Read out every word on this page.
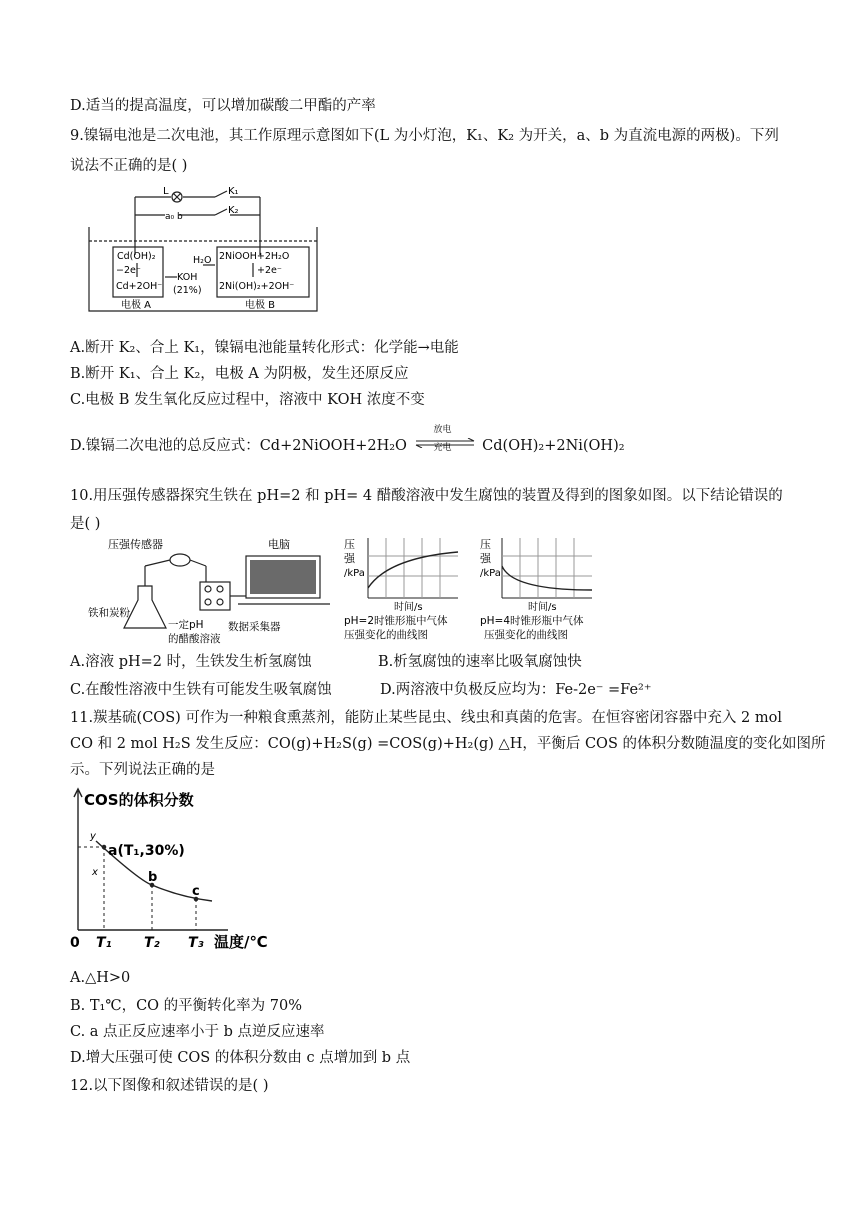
D.适当的提高温度，可以增加碳酸二甲酯的产率
9.镍镉电池是二次电池，其工作原理示意图如下(L 为小灯泡，K₁、K₂ 为开关，a、b 为直流电源的两极)。下列
说法不正确的是( )
L	K₁
K₂
a₀ b
Cd(OH)₂
−2e⁻
Cd+2OH⁻
KOH
(21%)
H₂O 2NiOOH+2H₂O
+2e⁻
2Ni(OH)₂+2OH⁻
电极 A	电极 B
A.断开 K₂、合上 K₁，镍镉电池能量转化形式：化学能→电能
B.断开 K₁、合上 K₂，电极 A 为阴极，发生还原反应
C.电极 B 发生氧化反应过程中，溶液中 KOH 浓度不变
D.镍镉二次电池的总反应式：Cd+2NiOOH+2H₂O
放电
充电 Cd(OH)₂+2Ni(OH)₂
10.用压强传感器探究生铁在 pH=2 和 pH= 4 醋酸溶液中发生腐蚀的装置及得到的图象如图。以下结论错误的
是( )
压强传感器	电脑
铁和炭粉
一定pH
的醋酸溶液
数据采集器
压
强
/kPa
时间/s
pH=2时锥形瓶中气体
压强变化的曲线图
压
强
/kPa
时间/s
pH=4时锥形瓶中气体
压强变化的曲线图
A.溶液 pH=2 时，生铁发生析氢腐蚀	B.析氢腐蚀的速率比吸氧腐蚀快
C.在酸性溶液中生铁有可能发生吸氧腐蚀	D.两溶液中负极反应均为：Fe-2e⁻ =Fe²⁺
11.羰基硫(COS) 可作为一种粮食熏蒸剂，能防止某些昆虫、线虫和真菌的危害。在恒容密闭容器中充入 2 mol
CO 和 2 mol H₂S 发生反应：CO(g)+H₂S(g) =COS(g)+H₂(g) △H，平衡后 COS 的体积分数随温度的变化如图所
示。下列说法正确的是
COS的体积分数
a(T₁,30%)
b
c
y
x
0 T₁ T₂ T₃ 温度/℃
A.△H>0
B. T₁℃，CO 的平衡转化率为 70%
C. a 点正反应速率小于 b 点逆反应速率
D.增大压强可使 COS 的体积分数由 c 点增加到 b 点
12.以下图像和叙述错误的是( )
